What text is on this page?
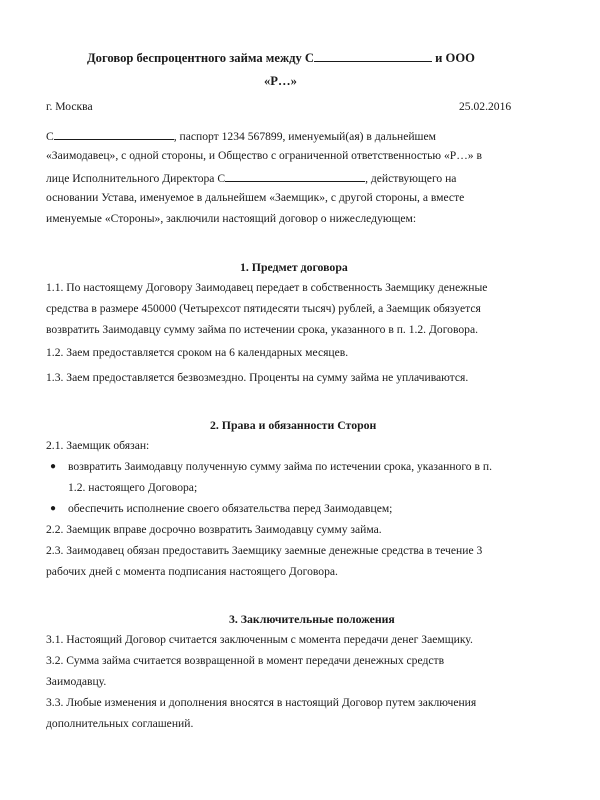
Договор беспроцентного займа между С	и ООО
«Р…»
г. Москва	25.02.2016
С	, паспорт 1234 567899, именуемый(ая) в дальнейшем
«Заимодавец», с одной стороны, и Общество с ограниченной ответственностью «Р…» в
лице Исполнительного Директора С	, действующего на
основании Устава, именуемое в дальнейшем «Заемщик», с другой стороны, а вместе
именуемые «Стороны», заключили настоящий договор о нижеследующем:
1. Предмет договора
1.1. По настоящему Договору Заимодавец передает в собственность Заемщику денежные
средства в размере 450000 (Четырехсот пятидесяти тысяч) рублей, а Заемщик обязуется
возвратить Заимодавцу сумму займа по истечении срока, указанного в п. 1.2. Договора.
1.2. Заем предоставляется сроком на 6 календарных месяцев.
1.3. Заем предоставляется безвозмездно. Проценты на сумму займа не уплачиваются.
2. Права и обязанности Сторон
2.1. Заемщик обязан:
● возвратить Заимодавцу полученную сумму займа по истечении срока, указанного в п.
1.2. настоящего Договора;
● обеспечить исполнение своего обязательства перед Заимодавцем;
2.2. Заемщик вправе досрочно возвратить Заимодавцу сумму займа.
2.3. Заимодавец обязан предоставить Заемщику заемные денежные средства в течение 3
рабочих дней с момента подписания настоящего Договора.
3. Заключительные положения
3.1. Настоящий Договор считается заключенным с момента передачи денег Заемщику.
3.2. Сумма займа считается возвращенной в момент передачи денежных средств
Заимодавцу.
3.3. Любые изменения и дополнения вносятся в настоящий Договор путем заключения
дополнительных соглашений.
